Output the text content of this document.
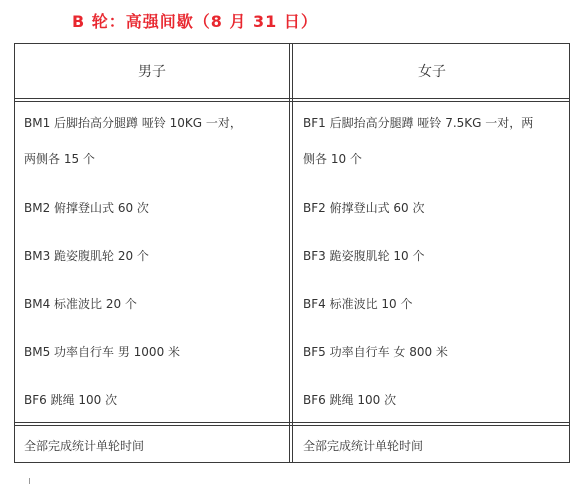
B 轮：高强间歇（8 月 31 日）
男子	女子
BM1 后脚抬高分腿蹲 哑铃 10KG 一对，
两侧各 15 个
BM2 俯撑登山式 60 次
BM3 跪姿腹肌轮 20 个
BM4 标准波比 20 个
BM5 功率自行车 男 1000 米
BF6 跳绳 100 次
BF1 后脚抬高分腿蹲 哑铃 7.5KG 一对，两
侧各 10 个
BF2 俯撑登山式 60 次
BF3 跪姿腹肌轮 10 个
BF4 标准波比 10 个
BF5 功率自行车 女 800 米
BF6 跳绳 100 次
全部完成统计单轮时间	全部完成统计单轮时间
